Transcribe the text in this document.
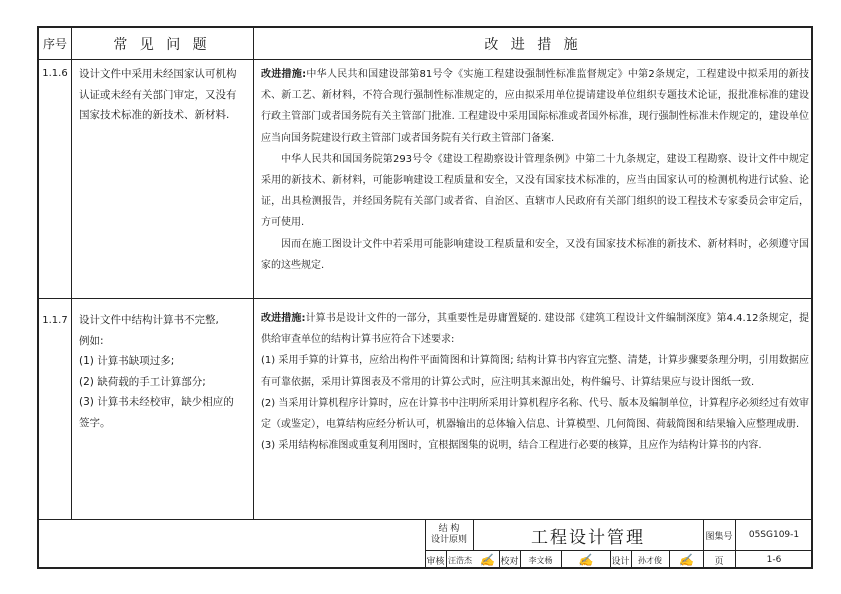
序号	常 见 问 题	改 进 措 施
1.1.6	设计文件中采用未经国家认可机构
认证或未经有关部门审定，又没有
国家技术标准的新技术、新材料.

改进措施:中华人民共和国建设部第81号令《实施工程建设强制性标准监督规定》中第2条规定，工程建设中拟采用的新技术、新工艺、新材料，不符合现行强制性标准规定的，应由拟采用单位提请建设单位组织专题技术论证，报批准标准的建设行政主管部门或者国务院有关主管部门批准. 工程建设中采用国际标准或者国外标准，现行强制性标准未作规定的，建设单位应当向国务院建设行政主管部门或者国务院有关行政主管部门备案.

中华人民共和国国务院第293号令《建设工程勘察设计管理条例》中第二十九条规定，建设工程勘察、设计文件中规定采用的新技术、新材料，可能影响建设工程质量和安全，又没有国家技术标准的，应当由国家认可的检测机构进行试验、论证，出具检测报告，并经国务院有关部门或者省、自治区、直辖市人民政府有关部门组织的设工程技术专家委员会审定后，方可使用.

因而在施工图设计文件中若采用可能影响建设工程质量和安全，又没有国家技术标准的新技术、新材料时，必须遵守国家的这些规定.

1.1.7	设计文件中结构计算书不完整,
例如:
(1) 计算书缺项过多;
(2) 缺荷载的手工计算部分;
(3) 计算书未经校审，缺少相应的
签字。

改进措施:计算书是设计文件的一部分，其重要性是毋庸置疑的. 建设部《建筑工程设计文件编制深度》第4.4.12条规定，提供给审查单位的结构计算书应符合下述要求:

(1) 采用手算的计算书，应给出构件平面简图和计算简图; 结构计算书内容宜完整、清楚，计算步骤要条理分明，引用数据应有可靠依据，采用计算图表及不常用的计算公式时，应注明其来源出处，构件编号、计算结果应与设计图纸一致.

(2) 当采用计算机程序计算时，应在计算书中注明所采用计算机程序名称、代号、版本及编制单位，计算程序必须经过有效审定（或鉴定），电算结构应经分析认可，机器输出的总体输入信息、计算模型、几何简图、荷载简图和结果输入应整理成册.

(3) 采用结构标准图或重复利用图时，宜根据图集的说明，结合工程进行必要的核算，且应作为结构计算书的内容.

结 构
设计原则	工程设计管理	图集号	05SG109-1
审核 汪浩杰 ✍ 校对	李文杨	✍	设计	孙才俊	✍	页	1-6
